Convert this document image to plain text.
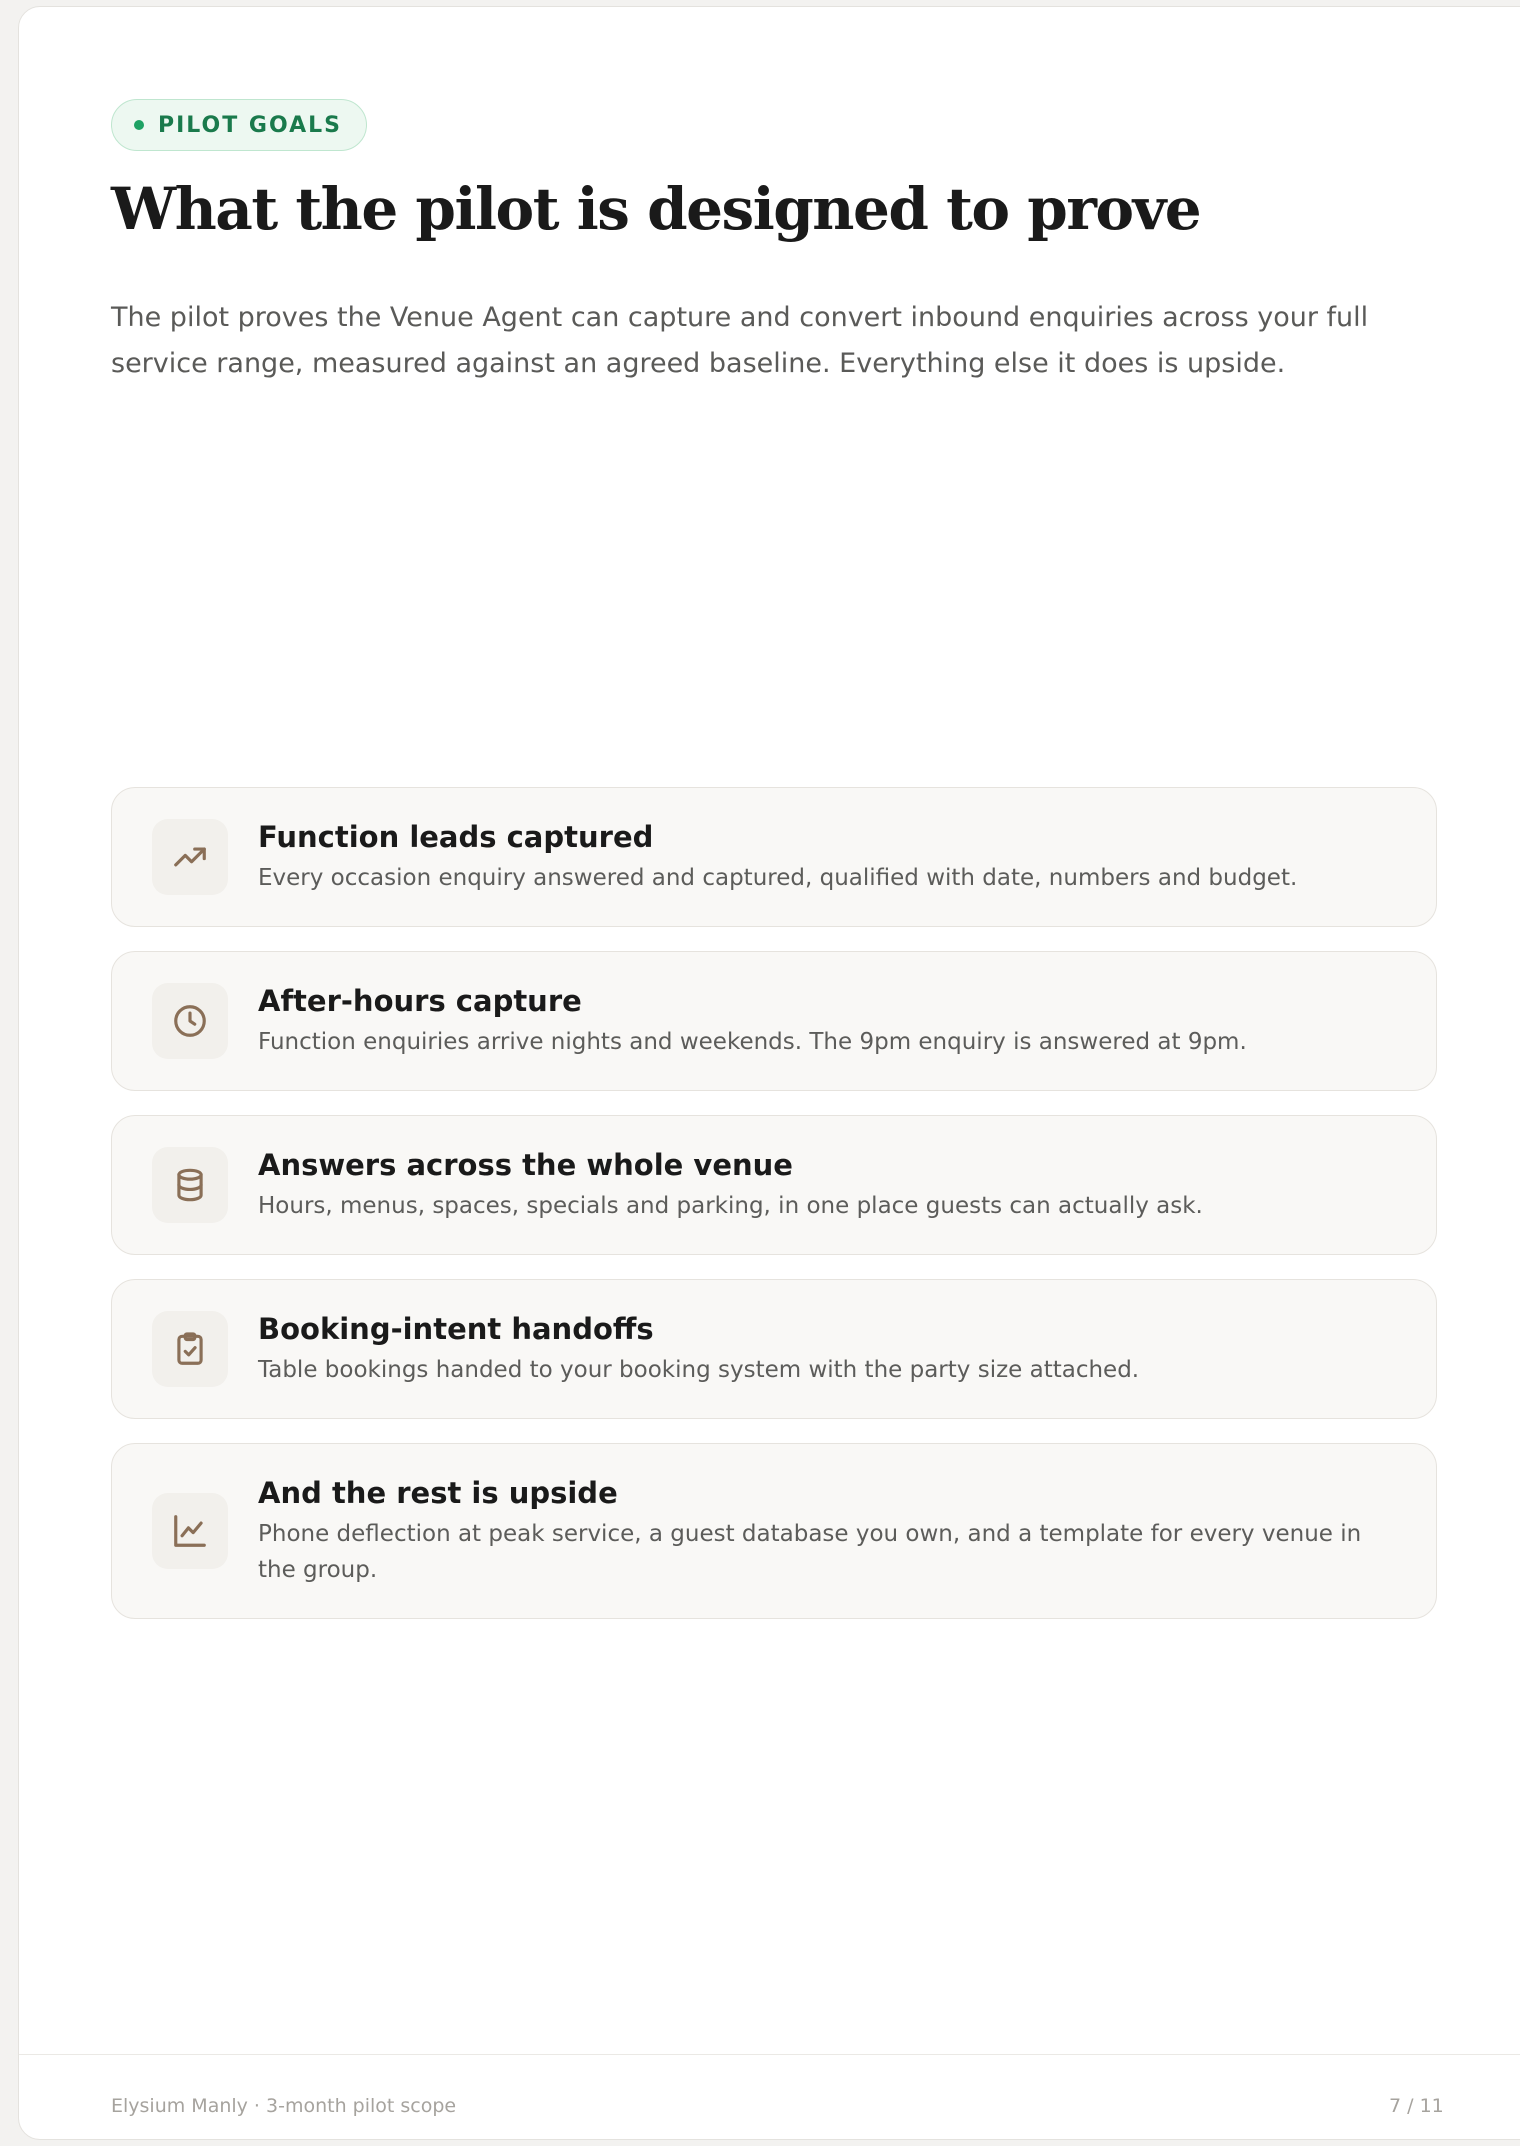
PILOT GOALS
What the pilot is designed to prove

The pilot proves the Venue Agent can capture and convert inbound enquiries across your full service range, measured against an agreed baseline. Everything else it does is upside.

Function leads captured
Every occasion enquiry answered and captured, qualified with date, numbers and budget.
After-hours capture
Function enquiries arrive nights and weekends. The 9pm enquiry is answered at 9pm.
Answers across the whole venue
Hours, menus, spaces, specials and parking, in one place guests can actually ask.
Booking-intent handoffs
Table bookings handed to your booking system with the party size attached.
And the rest is upside
Phone deflection at peak service, a guest database you own, and a template for every venue in the group.
Elysium Manly · 3-month pilot scope	7 / 11
